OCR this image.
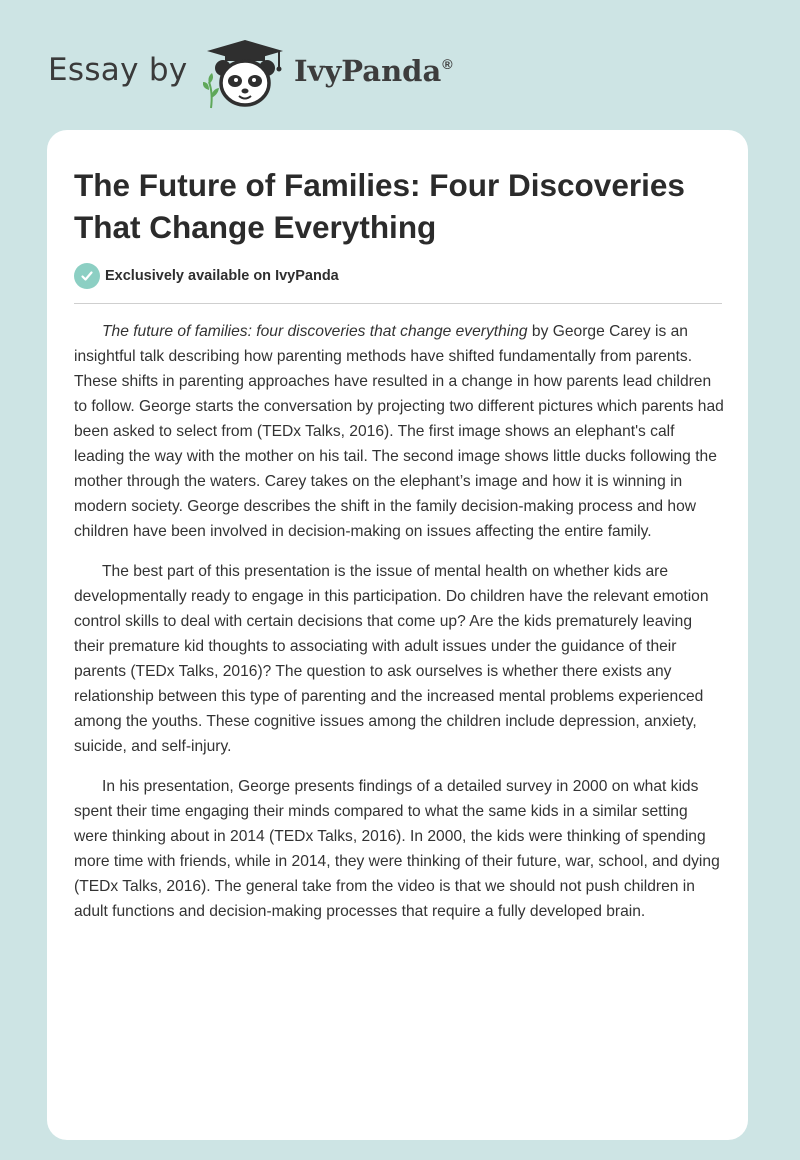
Essay by	IvyPanda®
The Future of Families: Four Discoveries That Change Everything
Exclusively available on IvyPanda

The future of families: four discoveries that change everything by George Carey is an insightful talk describing how parenting methods have shifted fundamentally from parents. These shifts in parenting approaches have resulted in a change in how parents lead children to follow. George starts the conversation by projecting two different pictures which parents had been asked to select from (TEDx Talks, 2016). The first image shows an elephant's calf leading the way with the mother on his tail. The second image shows little ducks following the mother through the waters. Carey takes on the elephant’s image and how it is winning in modern society. George describes the shift in the family decision-making process and how children have been involved in decision-making on issues affecting the entire family.

The best part of this presentation is the issue of mental health on whether kids are developmentally ready to engage in this participation. Do children have the relevant emotion control skills to deal with certain decisions that come up? Are the kids prematurely leaving their premature kid thoughts to associating with adult issues under the guidance of their parents (TEDx Talks, 2016)? The question to ask ourselves is whether there exists any relationship between this type of parenting and the increased mental problems experienced among the youths. These cognitive issues among the children include depression, anxiety, suicide, and self-injury.

In his presentation, George presents findings of a detailed survey in 2000 on what kids spent their time engaging their minds compared to what the same kids in a similar setting were thinking about in 2014 (TEDx Talks, 2016). In 2000, the kids were thinking of spending more time with friends, while in 2014, they were thinking of their future, war, school, and dying (TEDx Talks, 2016). The general take from the video is that we should not push children in adult functions and decision-making processes that require a fully developed brain.
